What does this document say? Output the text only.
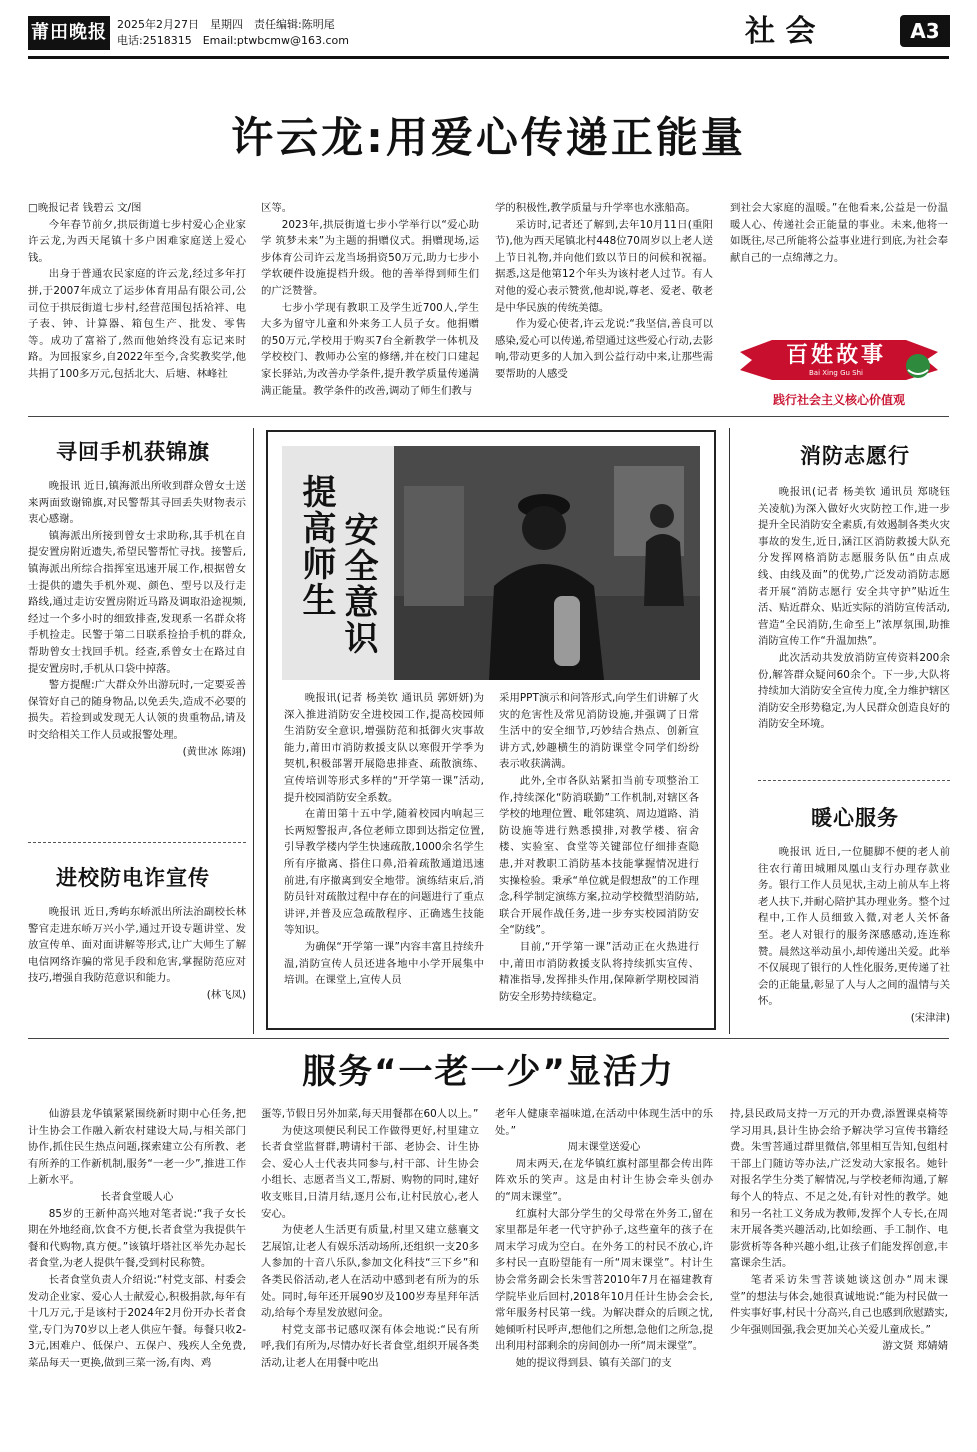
莆田晚报 2025年2月27日　星期四　责任编辑:陈明尾
电话:2518315　Email:ptwbcmw@163.com	社 会	A3
许云龙:用爱心传递正能量

□晚报记者 钱碧云 文/图

今年春节前夕,拱辰街道七步村爱心企业家许云龙,为西天尾镇十多户困难家庭送上爱心钱。

出身于普通农民家庭的许云龙,经过多年打拼,于2007年成立了运步体育用品有限公司,公司位于拱辰街道七步村,经营范围包括袷袢、电子表、钟、计算器、箱包生产、批发、零售等。成功了富裕了,然而他始终没有忘记来时路。为回报家乡,自2022年至今,含奖教奖学,他共捐了100多万元,包括北大、后塘、林峰社

区等。

2023年,拱辰街道七步小学举行以“爱心助学 筑梦未来”为主题的捐赠仪式。捐赠现场,运步体育公司许云龙当场捐资50万元,助力七步小学软硬件设施提档升级。他的善举得到师生们的广泛赞誉。

七步小学现有教职工及学生近700人,学生大多为留守儿童和外来务工人员子女。他捐赠的50万元,学校用于购买7台全新教学一体机及学校校门、教师办公室的修缮,并在校门口建起家长驿站,为改善办学条件,提升教学质量传递满满正能量。教学条件的改善,调动了师生们教与

学的积极性,教学质量与升学率也水涨船高。

采访时,记者还了解到,去年10月11日(重阳节),他为西天尾镇北村448位70周岁以上老人送上节日礼物,并向他们致以节日的问候和祝福。据悉,这是他第12个年头为该村老人过节。有人对他的爱心表示赞赏,他却说,尊老、爱老、敬老是中华民族的传统美德。

作为爱心使者,许云龙说:“我坚信,善良可以感染,爱心可以传递,希望通过这些爱心行动,去影响,带动更多的人加入到公益行动中来,让那些需要帮助的人感受

到社会大家庭的温暖。”在他看来,公益是一份温暖人心、传递社会正能量的事业。未来,他将一如既往,尽己所能将公益事业进行到底,为社会奉献自己的一点绵薄之力。

百姓故事
Bai Xing Gu Shi
践行社会主义核心价值观
寻回手机获锦旗

晚报讯 近日,镇海派出所收到群众曾女士送来两面致谢锦旗,对民警帮其寻回丢失财物表示衷心感谢。

镇海派出所接到曾女士求助称,其手机在自提安置房附近遗失,希望民警帮忙寻找。接警后,镇海派出所综合指挥室迅速开展工作,根据曾女士提供的遗失手机外观、颜色、型号以及行走路线,通过走访安置房附近马路及调取沿途视频,经过一个多小时的细致排查,发现系一名群众将手机捡走。民警于第二日联系捡拾手机的群众,帮助曾女士找回手机。经查,系曾女士在路过自提安置房时,手机从口袋中掉落。

警方提醒:广大群众外出游玩时,一定要妥善保管好自己的随身物品,以免丢失,造成不必要的损失。若捡到或发现无人认领的贵重物品,请及时交给相关工作人员或报警处理。

(黄世冰 陈翊)

进校防电诈宣传

晚报讯 近日,秀屿东峤派出所法治副校长林警官走进东峤万兴小学,通过开设专题讲堂、发放宣传单、面对面讲解等形式,让广大师生了解电信网络诈骗的常见手段和危害,掌握防范应对技巧,增强自我防范意识和能力。

(林飞凤)

提高师生 安全意识

晚报讯(记者 杨美钦 通讯员 郭妍妍)为深入推进消防安全进校园工作,提高校园师生消防安全意识,增强防范和抵御火灾事故能力,莆田市消防救援支队以寒假开学季为契机,积极部署开展隐患排查、疏散演练、宣传培训等形式多样的“开学第一课”活动,提升校园消防安全系数。

在莆田第十五中学,随着校园内响起三长两短警报声,各位老师立即到达指定位置,引导教学楼内学生快速疏散,1000余名学生所有序撤离、搭住口鼻,沿着疏散通道迅速前进,有序撤离到安全地带。演练结束后,消防员针对疏散过程中存在的问题进行了重点讲评,并普及应急疏散程序、正确逃生技能等知识。

为确保“开学第一课”内容丰富且持续升温,消防宣传人员还进各地中小学开展集中培训。在课堂上,宣传人员

采用PPT演示和问答形式,向学生们讲解了火灾的危害性及常见消防设施,并强调了日常生活中的安全细节,巧妙结合热点、创新宣讲方式,妙趣横生的消防课堂令同学们纷纷表示收获满满。

此外,全市各队站紧扣当前专项整治工作,持续深化“防消联勤”工作机制,对辖区各学校的地理位置、毗邻建筑、周边道路、消防设施等进行熟悉摸排,对教学楼、宿舍楼、实验室、食堂等关键部位仔细排查隐患,并对教职工消防基本技能掌握情况进行实操检验。秉承“单位就是假想敌”的工作理念,科学制定演练方案,拉动学校微型消防站,联合开展作战任务,进一步夯实校园消防安全“防线”。

目前,“开学第一课”活动正在火热进行中,莆田市消防救援支队将持续抓实宣传、精准指导,发挥排头作用,保障新学期校园消防安全形势持续稳定。

消防志愿行

晚报讯(记者 杨美钦 通讯员 郑晓钰 关凌航)为深入做好火灾防控工作,进一步提升全民消防安全素质,有效遏制各类火灾事故的发生,近日,涵江区消防救援大队充分发挥网格消防志愿服务队伍“由点成线、由线及面”的优势,广泛发动消防志愿者开展“消防志愿行 安全共守护”贴近生活、贴近群众、贴近实际的消防宣传活动,营造“全民消防,生命至上”浓厚氛围,助推消防宣传工作“升温加热”。

此次活动共发放消防宣传资料200余份,解答群众疑问60余个。下一步,大队将持续加大消防安全宣传力度,全力维护辖区消防安全形势稳定,为人民群众创造良好的消防安全环境。

暖心服务

晚报讯 近日,一位腿脚不便的老人前往农行莆田城厢凤凰山支行办理存款业务。银行工作人员见状,主动上前从车上将老人扶下,并耐心陪护其办理业务。整个过程中,工作人员细致入微,对老人关怀备至。老人对银行的服务深感感动,连连称赞。晨然这举动虽小,却传递出关爱。此举不仅展现了银行的人性化服务,更传递了社会的正能量,彰显了人与人之间的温情与关怀。

(宋津津)

服务“一老一少”显活力

仙游县龙华镇紧紧围绕新时期中心任务,把计生协会工作融入新农村建设大局,与相关部门协作,抓住民生热点问题,探索建立公有所教、老有所养的工作新机制,服务“一老一少”,推进工作上新水平。

长者食堂暖人心

85岁的王新仲高兴地对笔者说:“我子女长期在外地经商,饮食不方便,长者食堂为我提供午餐和代购物,真方便。”该镇圩塔社区举先办起长者食堂,为老人提供午餐,受到村民称赞。

长者食堂负责人介绍说:“村党支部、村委会发动企业家、爱心人士献爱心,积极捐款,每年有十几万元,于是该村于2024年2月份开办长者食堂,专门为70岁以上老人供应午餐。每餐只收2-3元,困难户、低保户、五保户、残疾人全免费,菜品每天一更换,做到三菜一汤,有肉、鸡

蛋等,节假日另外加菜,每天用餐都在60人以上。”

为使这项便民利民工作做得更好,村里建立长者食堂监督群,聘请村干部、老协会、计生协会、爱心人士代表共同参与,村干部、计生协会小组长、志愿者当义工,帮厨、购物的同时,建好收支账目,日清月结,逐月公布,让村民放心,老人安心。

为使老人生活更有质量,村里又建立慈襄文艺展馆,让老人有娱乐活动场所,还组织一支20多人参加的十音八乐队,参加文化科技“三下乡”和各类民俗活动,老人在活动中感到老有所为的乐处。同时,每年还开展90岁及100岁寿星拜年活动,给每个寿星发放慰问金。

村党支部书记感叹深有体会地说:“民有所呼,我们有所为,尽情办好长者食堂,组织开展各类活动,让老人在用餐中吃出

老年人健康幸福味道,在活动中体现生活中的乐处。”

周末课堂送爱心

周末两天,在龙华镇红旗村部里都会传出阵阵欢乐的笑声。这是由村计生协会牵头创办的“周末课堂”。

红旗村大部分学生的父母常在外务工,留在家里都是年老一代守护孙子,这些童年的孩子在周末学习成为空白。在外务工的村民不放心,许多村民一直盼望能有一所“周末课堂”。村计生协会常务副会长朱雪菩2010年7月在福建教育学院毕业后回村,2018年10月任计生协会会长,常年服务村民第一线。为解决群众的后顾之忧,她倾听村民呼声,想他们之所想,急他们之所急,提出利用村部剩余的房间创办一所“周末课堂”。

她的提议得到县、镇有关部门的支

持,县民政局支持一万元的开办费,添置课桌椅等学习用具,县计生协会给予解决学习宣传书籍经费。朱雪菩通过群里微信,邻里相互告知,包组村干部上门随访等办法,广泛发动大家报名。她针对报名学生分类了解情况,与学校老师沟通,了解每个人的特点、不足之处,有针对性的教学。她和另一名社工义务成为教师,发挥个人专长,在周末开展各类兴趣活动,比如绘画、手工制作、电影赏析等各种兴趣小组,让孩子们能发挥创意,丰富课余生活。

笔者采访朱雪菩谈她谈这创办“周末课堂”的想法与体会,她很真诚地说:“能为村民做一件实事好事,村民十分高兴,自己也感到欣慰踏实,少年强则国强,我会更加关心关爱儿童成长。”

游文贤 郑婧婧
